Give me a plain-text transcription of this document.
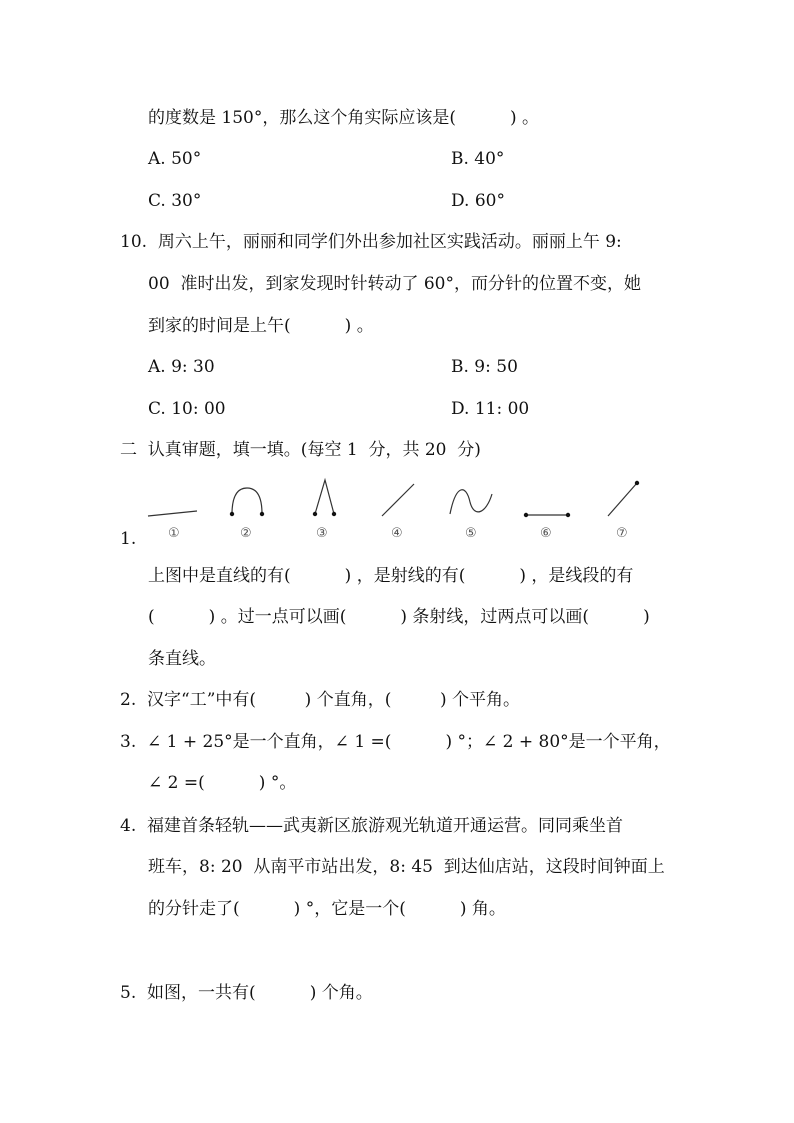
的度数是 150°，那么这个角实际应该是(          ) 。
A. 50°	B. 40°
C. 30°	D. 60°
10.  周六上午，丽丽和同学们外出参加社区实践活动。丽丽上午 9:
00  准时出发，到家发现时针转动了 60°，而分针的位置不变，她
到家的时间是上午(          ) 。
A. 9: 30	B. 9: 50
C. 10: 00	D. 11: 00
二  认真审题，填一填。(每空 1  分，共 20  分)
①	②	③	④	⑤	⑥	⑦
1.
上图中是直线的有(          ) ，是射线的有(          ) ，是线段的有
(          ) 。过一点可以画(          ) 条射线，过两点可以画(          )
条直线。
2.  汉字“工”中有(         ) 个直角，(         ) 个平角。
3.  ∠ 1 + 25°是一个直角，∠ 1 =(          ) °；∠ 2 + 80°是一个平角，
∠ 2 =(          ) °。
4.  福建首条轻轨——武夷新区旅游观光轨道开通运营。同同乘坐首
班车，8: 20  从南平市站出发，8: 45  到达仙店站，这段时间钟面上
的分针走了(          ) °，它是一个(          ) 角。
5.  如图，一共有(          ) 个角。
